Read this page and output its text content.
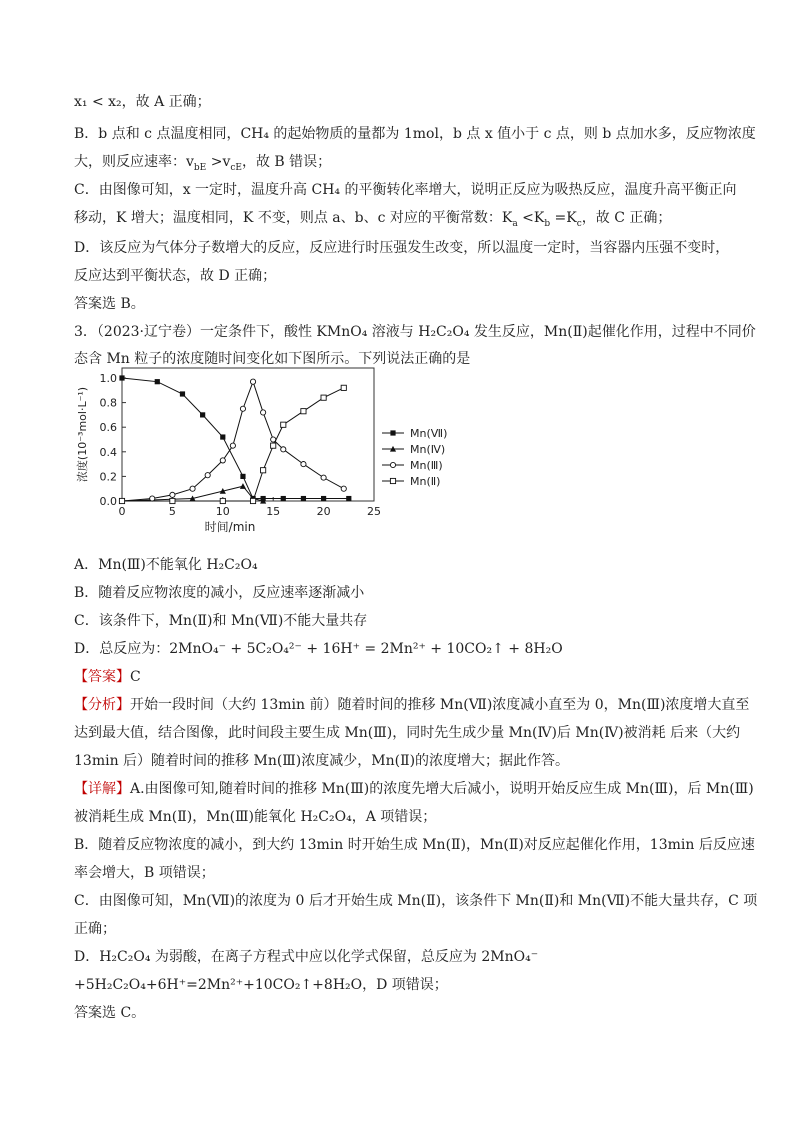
x₁ < x₂，故 A 正确；
B．b 点和 c 点温度相同，CH₄ 的起始物质的量都为 1mol，b 点 x 值小于 c 点，则 b 点加水多，反应物浓度
大，则反应速率：$v_{bE} >v_{cE}$，故 B 错误；
C．由图像可知，x 一定时，温度升高 CH₄ 的平衡转化率增大，说明正反应为吸热反应，温度升高平衡正向
移动，K 增大；温度相同，K 不变，则点 a、b、c 对应的平衡常数：$K_a <K_b =K_c$，故 C 正确；
D．该反应为气体分子数增大的反应，反应进行时压强发生改变，所以温度一定时，当容器内压强不变时，
反应达到平衡状态，故 D 正确；
答案选 B。
3．（2023·辽宁卷）一定条件下，酸性 KMnO₄ 溶液与 H₂C₂O₄ 发生反应，Mn(Ⅱ)起催化作用，过程中不同价
态含 Mn 粒子的浓度随时间变化如下图所示。下列说法正确的是
0	5	10	15	20	25
0.0
0.2
0.4
0.6
0.8
1.0
时间/min
浓度(10⁻³mol·L⁻¹)	Mn(Ⅶ)
Mn(Ⅳ)
Mn(Ⅲ)
Mn(Ⅱ)
A．Mn(Ⅲ)不能氧化 H₂C₂O₄
B．随着反应物浓度的减小，反应速率逐渐减小
C．该条件下，Mn(Ⅱ)和 Mn(Ⅶ)不能大量共存
D．总反应为：2MnO₄⁻ + 5C₂O₄²⁻ + 16H⁺ = 2Mn²⁺ + 10CO₂↑ + 8H₂O
【答案】C
【分析】开始一段时间（大约 13min 前）随着时间的推移 Mn(Ⅶ)浓度减小直至为 0，Mn(Ⅲ)浓度增大直至
达到最大值，结合图像，此时间段主要生成 Mn(Ⅲ)，同时先生成少量 Mn(Ⅳ)后 Mn(Ⅳ)被消耗 后来（大约
13min 后）随着时间的推移 Mn(Ⅲ)浓度减少，Mn(Ⅱ)的浓度增大；据此作答。
【详解】A.由图像可知,随着时间的推移 Mn(Ⅲ)的浓度先增大后减小，说明开始反应生成 Mn(Ⅲ)，后 Mn(Ⅲ)
被消耗生成 Mn(Ⅱ)，Mn(Ⅲ)能氧化 H₂C₂O₄，A 项错误；
B．随着反应物浓度的减小，到大约 13min 时开始生成 Mn(Ⅱ)，Mn(Ⅱ)对反应起催化作用，13min 后反应速
率会增大，B 项错误；
C．由图像可知，Mn(Ⅶ)的浓度为 0 后才开始生成 Mn(Ⅱ)，该条件下 Mn(Ⅱ)和 Mn(Ⅶ)不能大量共存，C 项
正确；
D．H₂C₂O₄ 为弱酸，在离子方程式中应以化学式保留，总反应为 2MnO₄⁻
+5H₂C₂O₄+6H⁺=2Mn²⁺+10CO₂↑+8H₂O，D 项错误；
答案选 C。
